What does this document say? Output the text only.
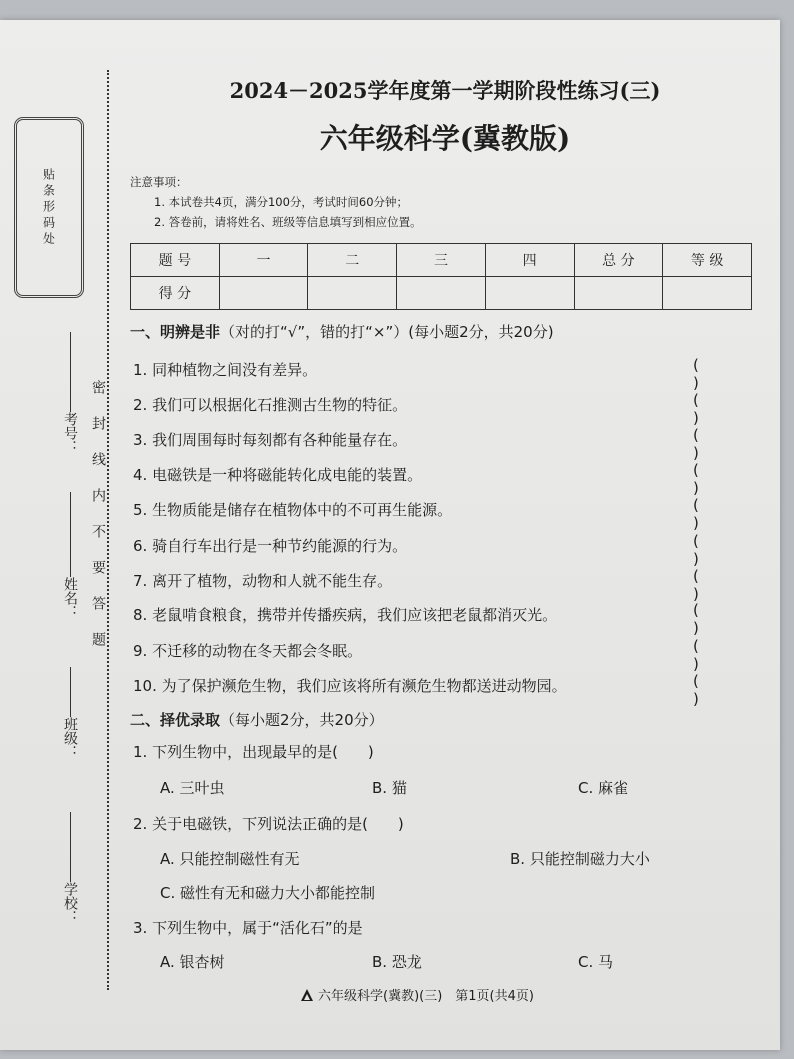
贴条形码处
考号：
姓名：
班级：
学校：
密封线内不要答题
2024－2025学年度第一学期阶段性练习(三)
六年级科学(冀教版)
注意事项：
1. 本试卷共4页，满分100分，考试时间60分钟；
2. 答卷前，请将姓名、班级等信息填写到相应位置。
题 号	一	二	三	四	总 分	等 级
得 分						
一、明辨是非（对的打“√”，错的打“×”）(每小题2分，共20分)
1. 同种植物之间没有差异。	( )
2. 我们可以根据化石推测古生物的特征。	( )
3. 我们周围每时每刻都有各种能量存在。	( )
4. 电磁铁是一种将磁能转化成电能的装置。	( )
5. 生物质能是储存在植物体中的不可再生能源。	( )
6. 骑自行车出行是一种节约能源的行为。	( )
7. 离开了植物，动物和人就不能生存。	( )
8. 老鼠啃食粮食，携带并传播疾病，我们应该把老鼠都消灭光。	( )
9. 不迁移的动物在冬天都会冬眠。	( )
10. 为了保护濒危生物，我们应该将所有濒危生物都送进动物园。	( )
二、择优录取（每小题2分，共20分）
1. 下列生物中，出现最早的是(　　)
A. 三叶虫	B. 猫	C. 麻雀
2. 关于电磁铁，下列说法正确的是(　　)
A. 只能控制磁性有无	B. 只能控制磁力大小
C. 磁性有无和磁力大小都能控制
3. 下列生物中，属于“活化石”的是
A. 银杏树	B. 恐龙	C. 马
六年级科学(冀教)(三)　第1页(共4页)
